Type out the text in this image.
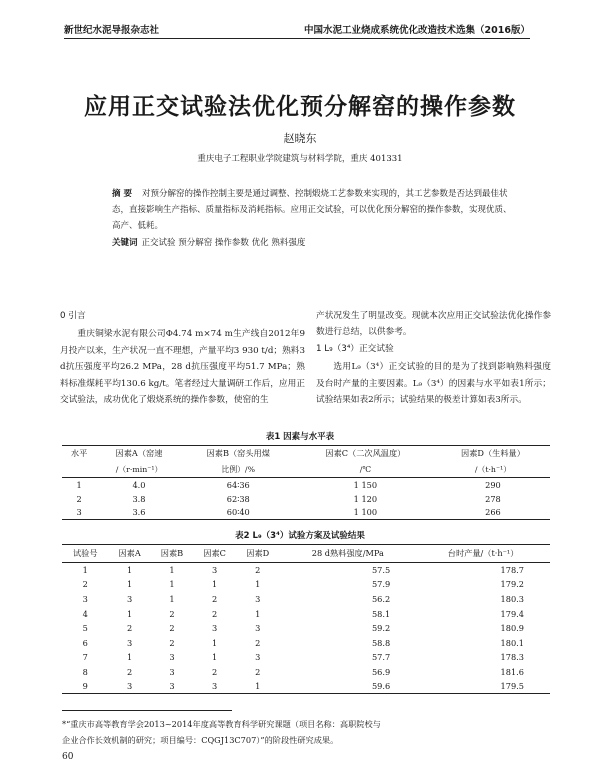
新世纪水泥导报杂志社	中国水泥工业烧成系统优化改造技术选集（2016版）
应用正交试验法优化预分解窑的操作参数
赵晓东
重庆电子工程职业学院建筑与材料学院，重庆 401331
摘 要 对预分解窑的操作控制主要是通过调整、控制煅烧工艺参数来实现的，其工艺参数是否达到最佳状态，直接影响生产指标、质量指标及消耗指标。应用正交试验，可以优化预分解窑的操作参数，实现优质、高产、低耗。
关键词 正交试验 预分解窑 操作参数 优化 熟料强度
0 引言

重庆铜梁水泥有限公司Φ4.74 m×74 m生产线自2012年9月投产以来，生产状况一直不理想，产量平均3 930 t/d；熟料3 d抗压强度平均26.2 MPa，28 d抗压强度平均51.7 MPa；熟料标准煤耗平均130.6 kg/t。笔者经过大量调研工作后，应用正交试验法，成功优化了煅烧系统的操作参数，使窑的生

产状况发生了明显改变。现就本次应用正交试验法优化操作参数进行总结，以供参考。

1 L₉（3⁴）正交试验

选用L₉（3⁴）正交试验的目的是为了找到影响熟料强度及台时产量的主要因素。L₉（3⁴）的因素与水平如表1所示；试验结果如表2所示；试验结果的极差计算如表3所示。

表1 因素与水平表
水平	因素A（窑速	因素B（窑头用煤	因素C（二次风温度）	因素D（生料量）
	/（r·min⁻¹）	比例）/%	/℃	/（t·h⁻¹）
1	4.0	64∶36	1 150	290
2	3.8	62∶38	1 120	278
3	3.6	60∶40	1 100	266
表2 L₉（3⁴）试验方案及试验结果
试验号	因素A	因素B	因素C	因素D	28 d熟料强度/MPa	台时产量/（t·h⁻¹）
1	1	1	3	2	57.5	178.7
2	1	1	1	1	57.9	179.2
3	3	1	2	3	56.2	180.3
4	1	2	2	1	58.1	179.4
5	2	2	3	3	59.2	180.9
6	3	2	1	2	58.8	180.1
7	1	3	1	3	57.7	178.3
8	2	3	2	2	56.9	181.6
9	3	3	3	1	59.6	179.5
*“重庆市高等教育学会2013~2014年度高等教育科学研究课题（项目名称：高职院校与
企业合作长效机制的研究；项目编号：CQGJ13C707）”的阶段性研究成果。
60
